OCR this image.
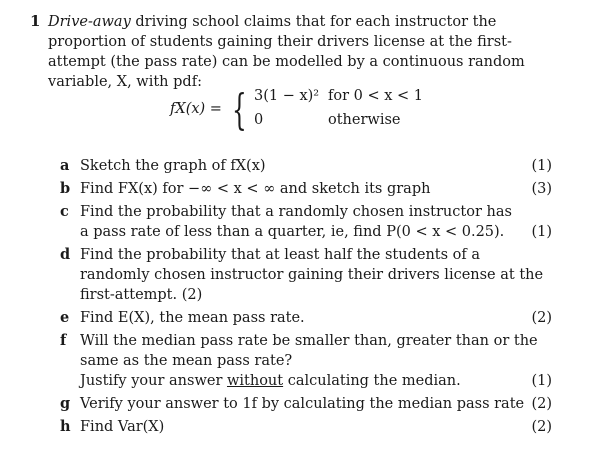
1 Drive-away driving school claims that for each instructor the proportion of students gaining their drivers license at the first-attempt (the pass rate) can be modelled by a continuous random variable, X, with pdf:
fX(x) = { 3(1 − x)² for 0 < x < 1
0	otherwise
a Sketch the graph of fX(x)	(1)
b Find FX(x) for −∞ < x < ∞ and sketch its graph	(3)
c Find the probability that a randomly chosen instructor has a pass rate of less than a quarter, ie, find P(0 < x < 0.25).	(1)
d Find the probability that at least half the students of a randomly chosen instructor gaining their drivers license at the first-attempt. (2)
e Find E(X), the mean pass rate.	(2)
f Will the median pass rate be smaller than, greater than or the same as the mean pass rate?
Justify your answer without calculating the median.	(1)
g Verify your answer to 1f by calculating the median pass rate (2)
h Find Var(X)	(2)
